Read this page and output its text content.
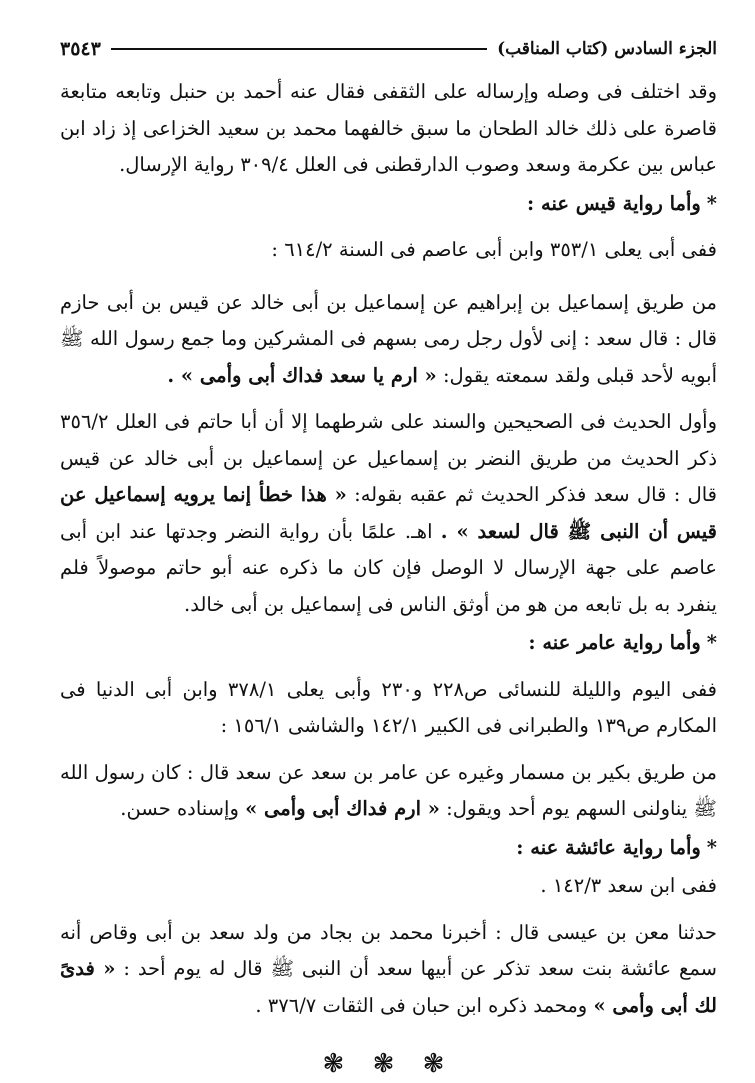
الجزء السادس (كتاب المناقب)
٣٥٤٣

وقد اختلف فى وصله وإرساله على الثقفى فقال عنه أحمد بن حنبل وتابعه متابعة قاصرة على ذلك خالد الطحان ما سبق خالفهما محمد بن سعيد الخزاعى إذ زاد ابن عباس بين عكرمة وسعد وصوب الدارقطنى فى العلل ٣٠٩/٤ رواية الإرسال.

*وأما رواية قيس عنه :

ففى أبى يعلى ٣٥٣/١ وابن أبى عاصم فى السنة ٦١٤/٢ :

من طريق إسماعيل بن إبراهيم عن إسماعيل بن أبى خالد عن قيس بن أبى حازم قال : قال سعد : إنى لأول رجل رمى بسهم فى المشركين وما جمع رسول الله ﷺ أبويه لأحد قبلى ولقد سمعته يقول: « ارم يا سعد فداك أبى وأمى » .

وأول الحديث فى الصحيحين والسند على شرطهما إلا أن أبا حاتم فى العلل ٣٥٦/٢ ذكر الحديث من طريق النضر بن إسماعيل عن إسماعيل بن أبى خالد عن قيس قال : قال سعد فذكر الحديث ثم عقبه بقوله: « هذا خطأ إنما يرويه إسماعيل عن قيس أن النبى ﷺ قال لسعد » . اهـ. علمًا بأن رواية النضر وجدتها عند ابن أبى عاصم على جهة الإرسال لا الوصل فإن كان ما ذكره عنه أبو حاتم موصولاً فلم ينفرد به بل تابعه من هو من أوثق الناس فى إسماعيل بن أبى خالد.

*وأما رواية عامر عنه :

ففى اليوم والليلة للنسائى ص٢٢٨ و٢٣٠ وأبى يعلى ٣٧٨/١ وابن أبى الدنيا فى المكارم ص١٣٩ والطبرانى فى الكبير ١٤٢/١ والشاشى ١٥٦/١ :

من طريق بكير بن مسمار وغيره عن عامر بن سعد عن سعد قال : كان رسول الله ﷺ يناولنى السهم يوم أحد ويقول: « ارم فداك أبى وأمى » وإسناده حسن.

*وأما رواية عائشة عنه :

ففى ابن سعد ١٤٢/٣ .

حدثنا معن بن عيسى قال : أخبرنا محمد بن بجاد من ولد سعد بن أبى وقاص أنه سمع عائشة بنت سعد تذكر عن أبيها سعد أن النبى ﷺ قال له يوم أحد : « فدىً لك أبى وأمى » ومحمد ذكره ابن حبان فى الثقات ٣٧٦/٧ .

❃ ❃ ❃
